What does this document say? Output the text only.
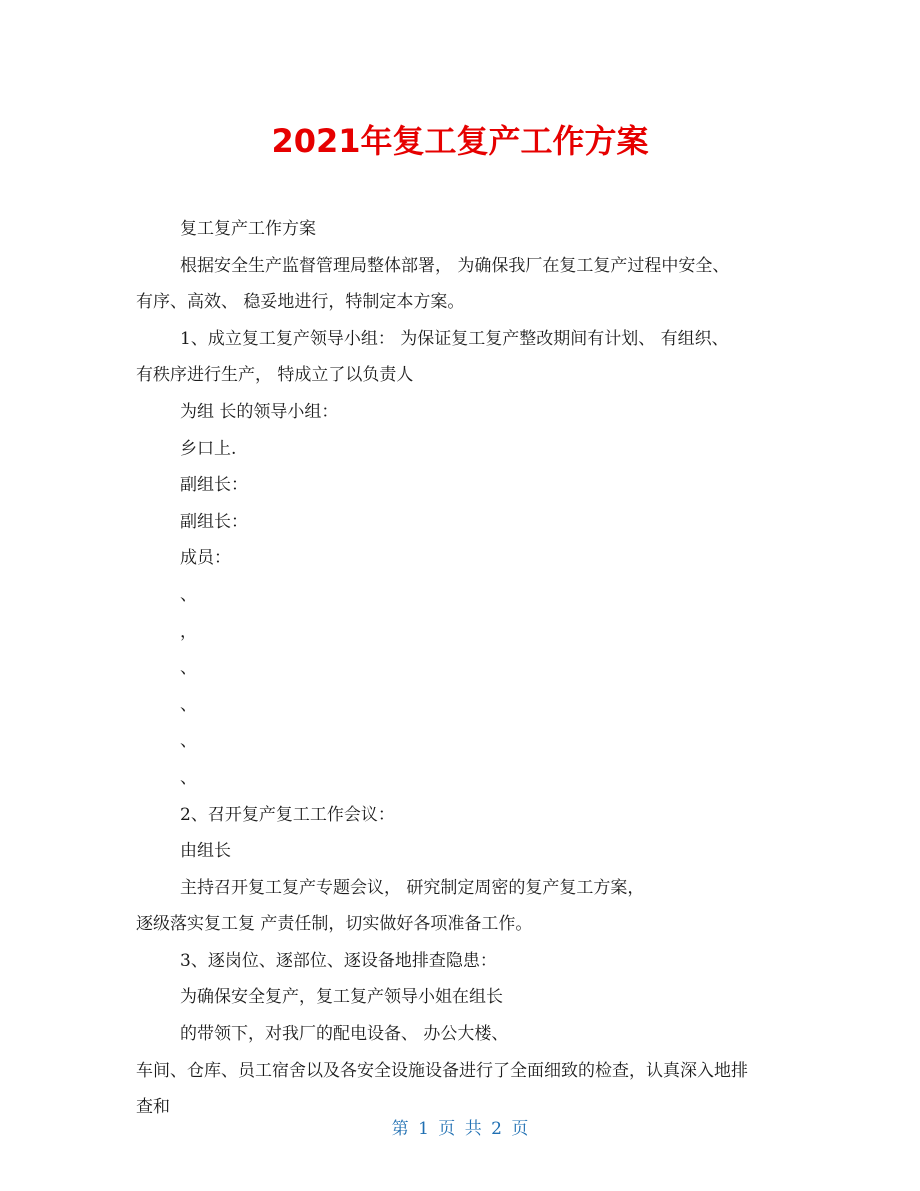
2021年复工复产工作方案
复工复产工作方案
根据安全生产监督管理局整体部署， 为确保我厂在复工复产过程中安全、
有序、高效、 稳妥地进行，特制定本方案。
1、成立复工复产领导小组： 为保证复工复产整改期间有计划、 有组织、
有秩序进行生产， 特成立了以负责人
为组 长的领导小组：
乡口上.
副组长：
副组长：
成员：
、
，
、
、
、
、
2、召开复产复工工作会议：
由组长
主持召开复工复产专题会议， 研究制定周密的复产复工方案，
逐级落实复工复 产责任制，切实做好各项准备工作。
3、逐岗位、逐部位、逐设备地排查隐患：
为确保安全复产，复工复产领导小姐在组长
的带领下，对我厂的配电设备、 办公大楼、
车间、仓库、员工宿舍以及各安全设施设备进行了全面细致的检查，认真深入地排
查和
第 1 页 共 2 页
